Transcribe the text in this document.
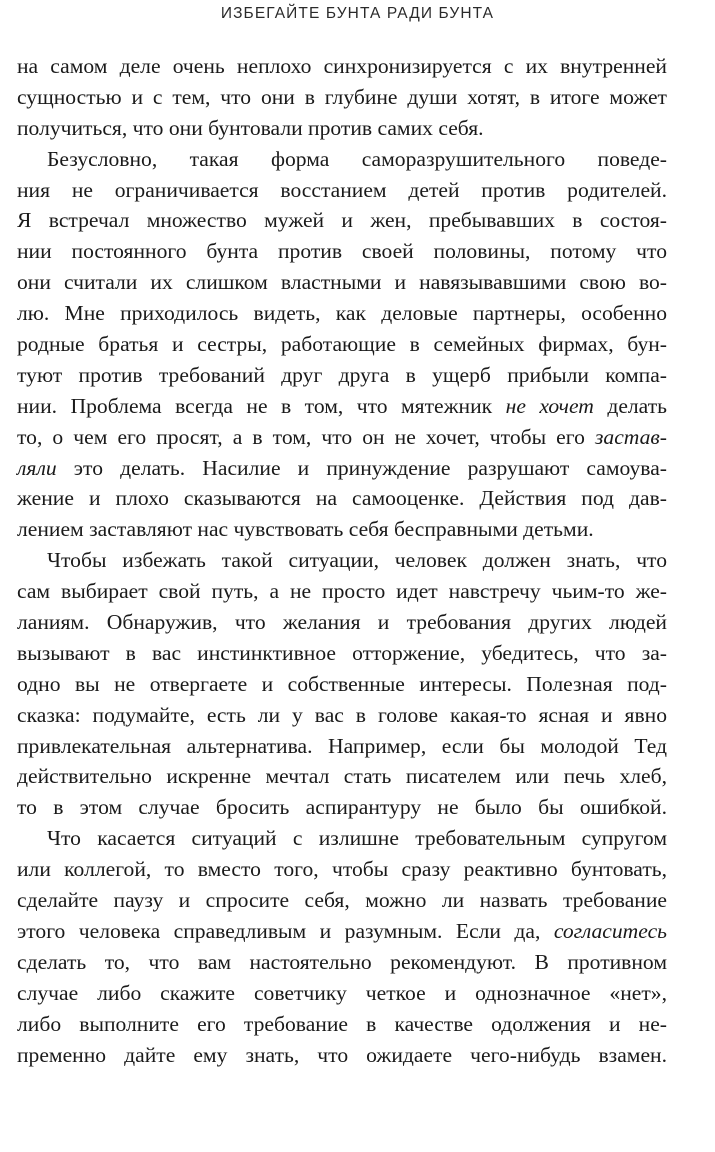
ИЗБЕГАЙТЕ БУНТА РАДИ БУНТА
на самом деле очень неплохо синхронизируется с их внутренней
сущностью и с тем, что они в глубине души хотят, в итоге может
получиться, что они бунтовали против самих себя.
Безусловно, такая форма саморазрушительного поведе-
ния не ограничивается восстанием детей против родителей.
Я встречал множество мужей и жен, пребывавших в состоя-
нии постоянного бунта против своей половины, потому что
они считали их слишком властными и навязывавшими свою во-
лю. Мне приходилось видеть, как деловые партнеры, особенно
родные братья и сестры, работающие в семейных фирмах, бун-
туют против требований друг друга в ущерб прибыли компа-
нии. Проблема всегда не в том, что мятежник не хочет делать
то, о чем его просят, а в том, что он не хочет, чтобы его застав-
ляли это делать. Насилие и принуждение разрушают самоува-
жение и плохо сказываются на самооценке. Действия под дав-
лением заставляют нас чувствовать себя бесправными детьми.
Чтобы избежать такой ситуации, человек должен знать, что
сам выбирает свой путь, а не просто идет навстречу чьим-то же-
ланиям. Обнаружив, что желания и требования других людей
вызывают в вас инстинктивное отторжение, убедитесь, что за-
одно вы не отвергаете и собственные интересы. Полезная под-
сказка: подумайте, есть ли у вас в голове какая-то ясная и явно
привлекательная альтернатива. Например, если бы молодой Тед
действительно искренне мечтал стать писателем или печь хлеб,
то в этом случае бросить аспирантуру не было бы ошибкой.
Что касается ситуаций с излишне требовательным супругом
или коллегой, то вместо того, чтобы сразу реактивно бунтовать,
сделайте паузу и спросите себя, можно ли назвать требование
этого человека справедливым и разумным. Если да, согласитесь
сделать то, что вам настоятельно рекомендуют. В противном
случае либо скажите советчику четкое и однозначное «нет»,
либо выполните его требование в качестве одолжения и не-
пременно дайте ему знать, что ожидаете чего-нибудь взамен.
